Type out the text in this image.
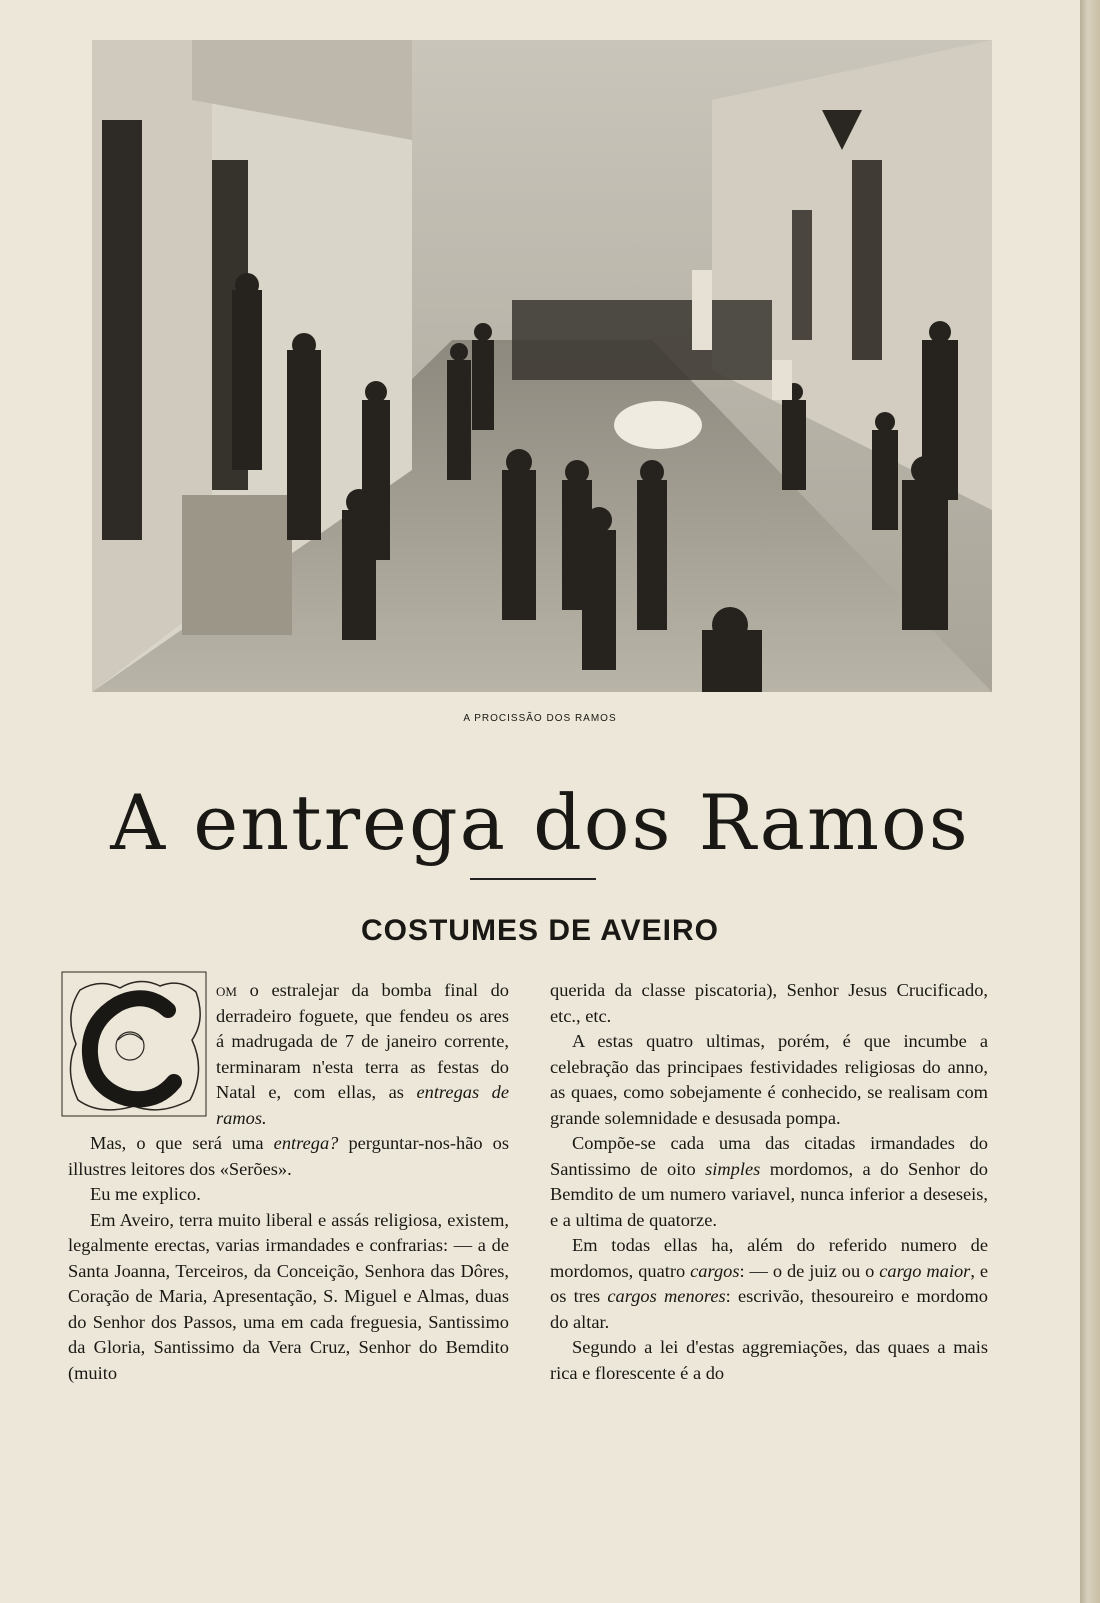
A PROCISSÃO DOS RAMOS
A entrega dos Ramos
COSTUMES DE AVEIRO
C

om o estralejar da bomba final do derradeiro foguete, que fendeu os ares á madrugada de 7 de janeiro corrente, terminaram n'esta terra as festas do Natal e, com ellas, as entregas de ramos.

Mas, o que será uma entrega? perguntar-nos-hão os illustres leitores dos «Serões».

Eu me explico.

Em Aveiro, terra muito liberal e assás religiosa, existem, legalmente erectas, varias irmandades e confrarias: — a de Santa Joanna, Terceiros, da Conceição, Senhora das Dôres, Coração de Maria, Apresentação, S. Miguel e Almas, duas do Senhor dos Passos, uma em cada freguesia, Santissimo da Gloria, Santissimo da Vera Cruz, Senhor do Bemdito (muito

querida da classe piscatoria), Senhor Jesus Crucificado, etc., etc.

A estas quatro ultimas, porém, é que incumbe a celebração das principaes festividades religiosas do anno, as quaes, como sobejamente é conhecido, se realisam com grande solemnidade e desusada pompa.

Compõe-se cada uma das citadas irmandades do Santissimo de oito simples mordomos, a do Senhor do Bemdito de um numero variavel, nunca inferior a deseseis, e a ultima de quatorze.

Em todas ellas ha, além do referido numero de mordomos, quatro cargos: — o de juiz ou o cargo maior, e os tres cargos menores: escrivão, thesoureiro e mordomo do altar.

Segundo a lei d'estas aggremiações, das quaes a mais rica e florescente é a do
